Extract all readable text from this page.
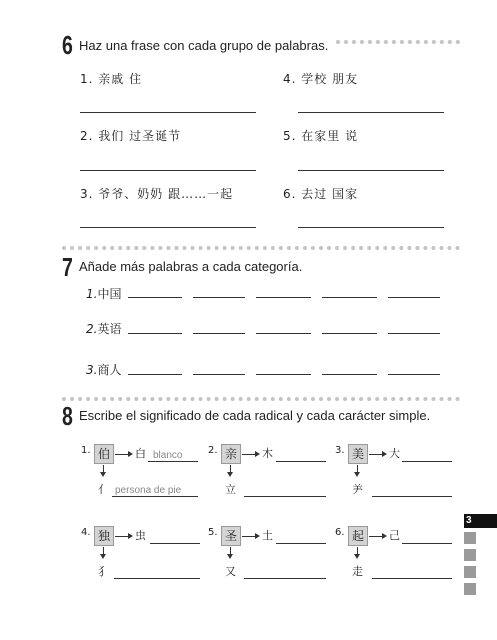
6 Haz una frase con cada grupo de palabras.
1. 亲戚 住	4. 学校 朋友
2. 我们 过圣诞节	5. 在家里 说
3. 爷爷、奶奶 跟……一起	6. 去过 国家
7 Añade más palabras a cada categoría.
1.中国
2.英语
3.商人
8 Escribe el significado de cada radical y cada carácter simple.
1. 伯	白 blanco
亻 persona de pie
2. 亲	木
立
3. 美	大
⺶
4. 独	虫
犭
5. 圣	土
又
6. 起	己
走
3
